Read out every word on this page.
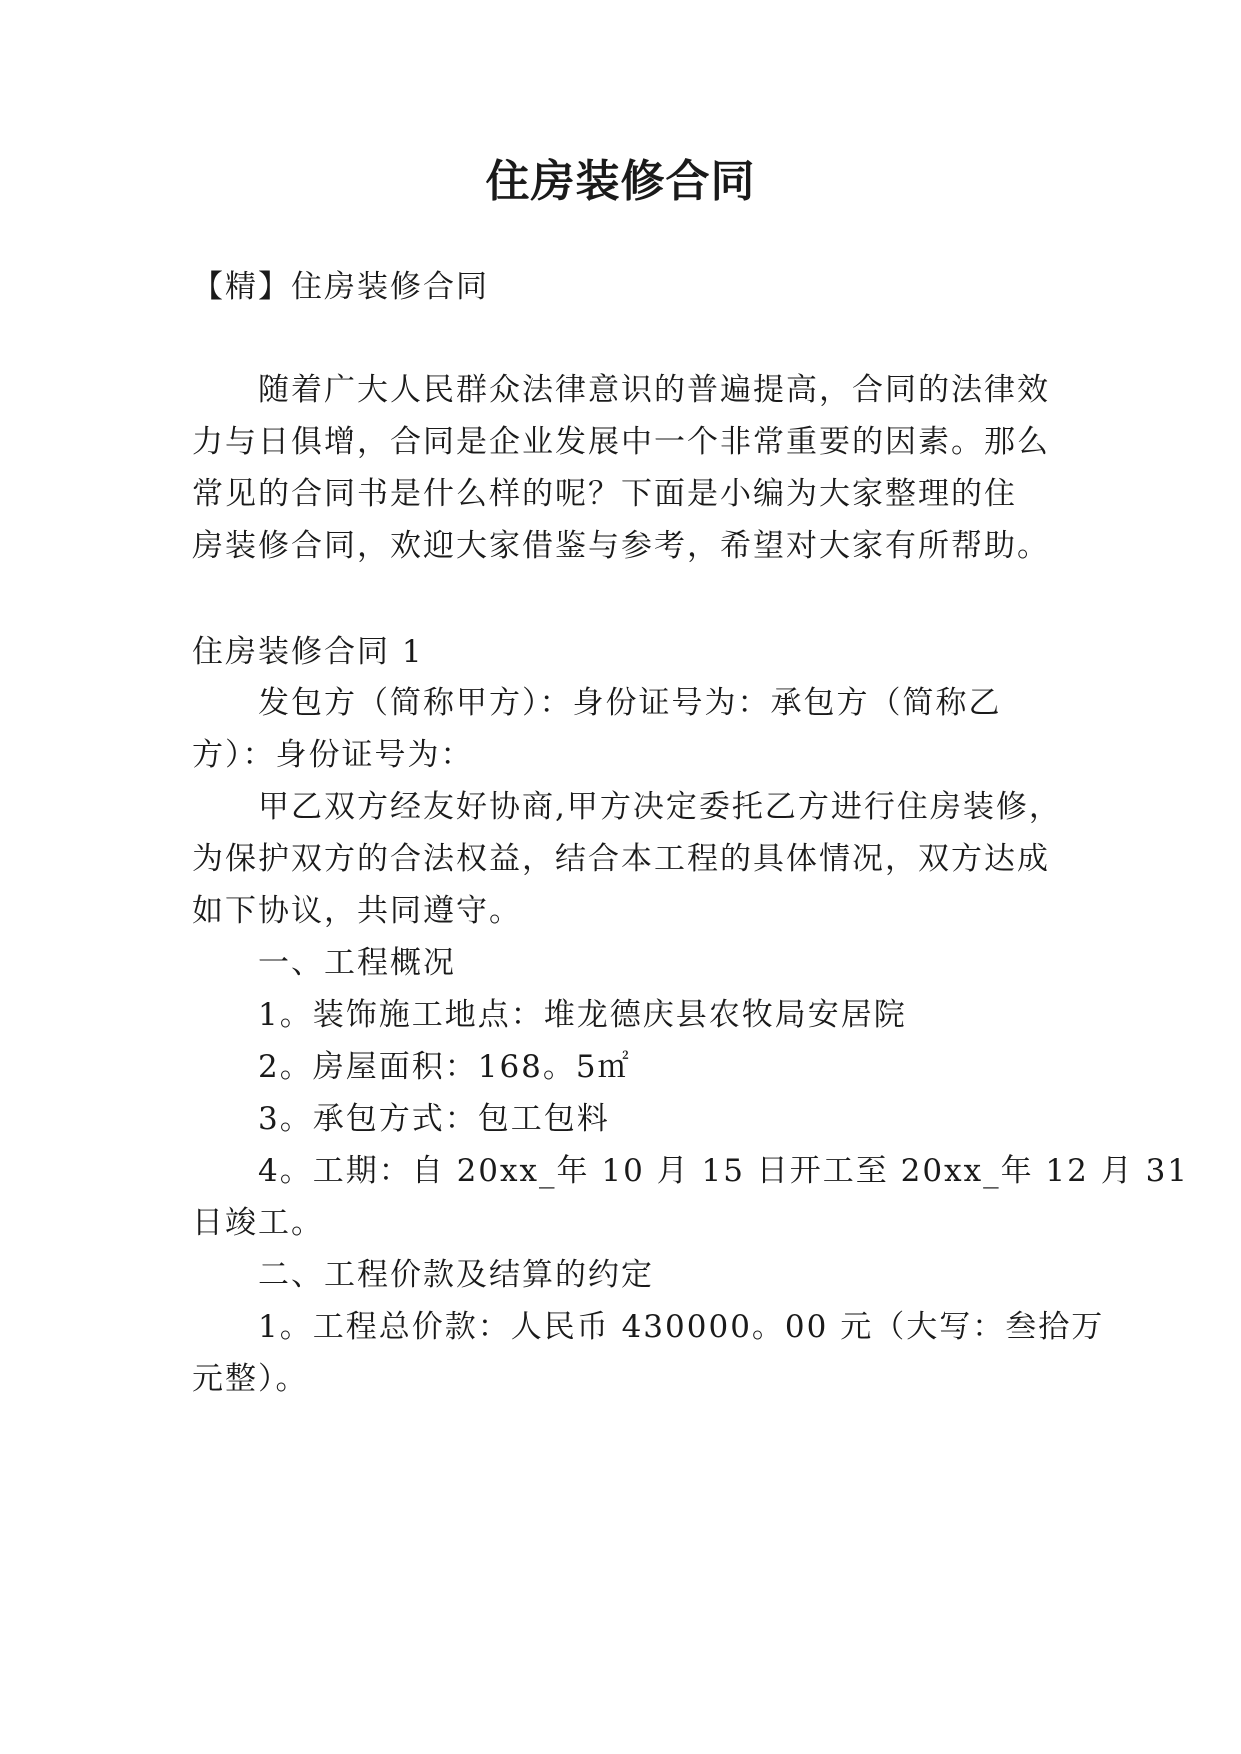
住房装修合同
【精】住房装修合同
随着广大人民群众法律意识的普遍提高，合同的法律效
力与日俱增，合同是企业发展中一个非常重要的因素。那么
常见的合同书是什么样的呢？下面是小编为大家整理的住
房装修合同，欢迎大家借鉴与参考，希望对大家有所帮助。
住房装修合同 1
发包方（简称甲方）：身份证号为：承包方（简称乙
方）：身份证号为：
甲乙双方经友好协商,甲方决定委托乙方进行住房装修，
为保护双方的合法权益，结合本工程的具体情况，双方达成
如下协议，共同遵守。
一、工程概况
1。装饰施工地点：堆龙德庆县农牧局安居院
2。房屋面积：168。5㎡
3。承包方式：包工包料
4。工期：自 20xx_年 10 月 15 日开工至 20xx_年 12 月 31
日竣工。
二、工程价款及结算的约定
1。工程总价款：人民币 430000。00 元（大写：叁拾万
元整）。
